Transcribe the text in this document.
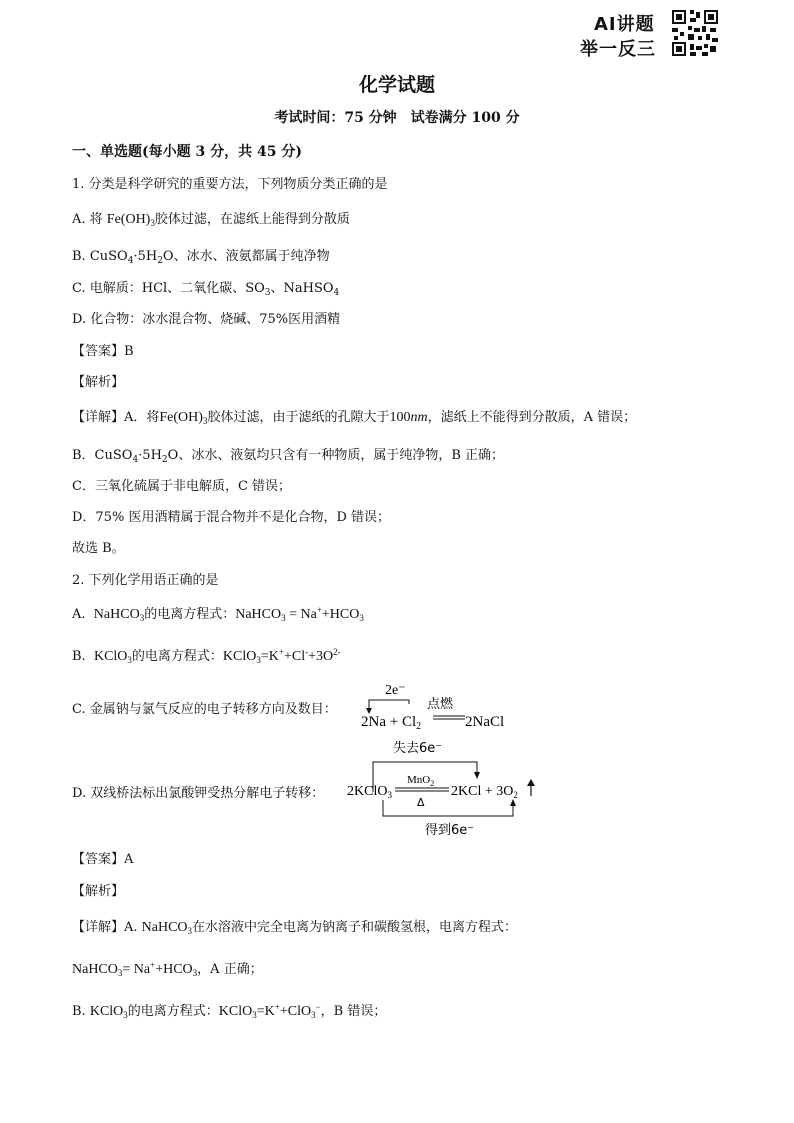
AI讲题
举一反三
化学试题
考试时间：75 分钟　试卷满分 100 分
一、单选题(每小题 3 分，共 45 分)
1. 分类是科学研究的重要方法，下列物质分类正确的是
A. 将 $Fe(OH)_3$胶体过滤，在滤纸上能得到分散质
B. $CuSO_4\cdot 5H_2O$、冰水、液氨都属于纯净物
C. 电解质：HCl、二氧化碳、$SO_3$、NaHSO$_4$
D. 化合物：冰水混合物、烧碱、75%医用酒精
【答案】B
【解析】
【详解】A．将$Fe(OH)_3$胶体过滤，由于滤纸的孔隙大于100nm，滤纸上不能得到分散质，A 错误；
B．$CuSO_4\cdot 5H_2O$、冰水、液氨均只含有一种物质，属于纯净物，B 正确；
C．三氧化硫属于非电解质，C 错误；
D．75% 医用酒精属于混合物并不是化合物，D 错误；
故选 B。
2. 下列化学用语正确的是
A.  NaHCO$_3$的电离方程式：NaHCO$_3$ = $Na^++HCO_3$
B.  KClO$_3$的电离方程式：$KClO_3=K^++Cl^-+3O^{2-}$
C. 金属钠与氯气反应的电子转移方向及数目：
2e⁻
点燃
$2Na + Cl_2$	2NaCl
D. 双线桥法标出氯酸钾受热分解电子转移：
失去6e⁻
MnO$_2$
Δ
2KClO$_3$	$2KCl + 3O_2$
得到6e⁻
【答案】A
【解析】
【详解】A. NaHCO$_3$在水溶液中完全电离为钠离子和碳酸氢根，电离方程式：
NaHCO$_3$= $Na^++HCO_3$，A 正确；
B. KClO$_3$的电离方程式：KClO$_3$=K++ClO$_3$−，B 错误；
